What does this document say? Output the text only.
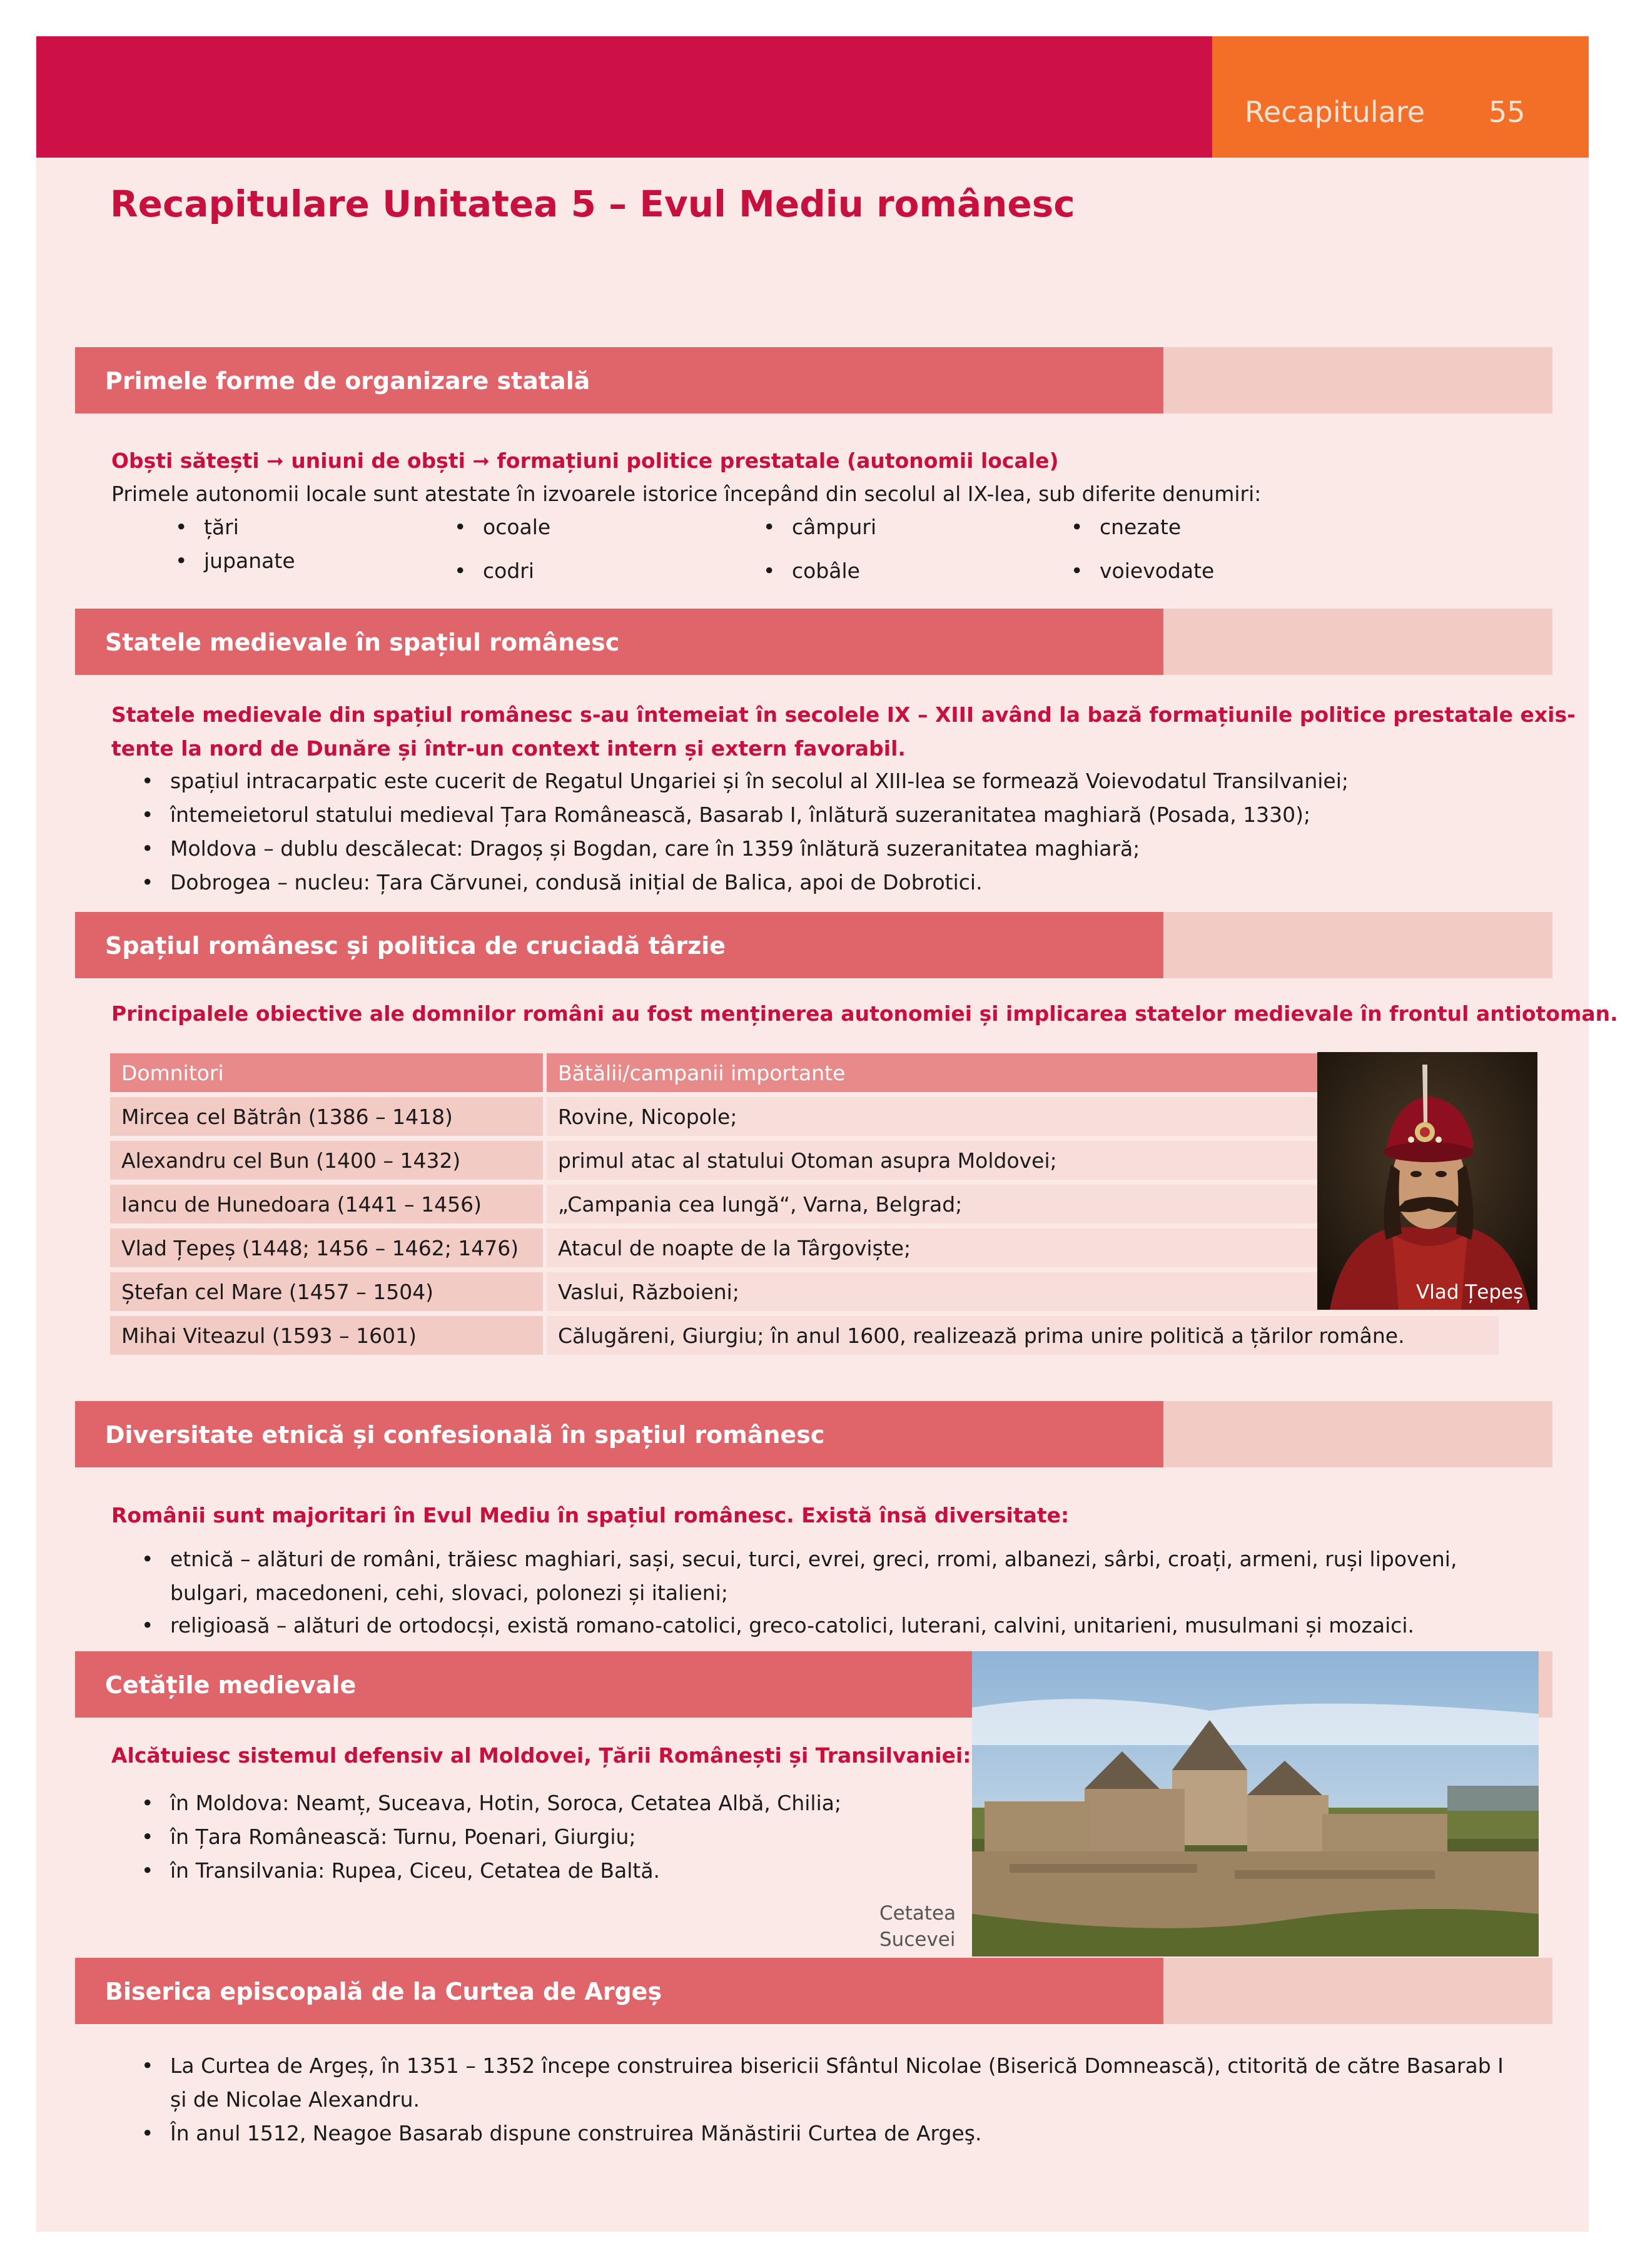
Recapitulare 55
Recapitulare Unitatea 5 – Evul Mediu românesc
Primele forme de organizare statală
Obști sătești ➞ uniuni de obști ➞ formațiuni politice prestatale (autonomii locale)
Primele autonomii locale sunt atestate în izvoarele istorice începând din secolul al IX-lea, sub diferite denumiri:
• țări	• ocoale	• câmpuri	• cnezate
• jupanate	• codri	• cobâle	• voievodate
Statele medievale în spațiul românesc
Statele medievale din spațiul românesc s-au întemeiat în secolele IX – XIII având la bază formațiunile politice prestatale exis-
tente la nord de Dunăre și într-un context intern și extern favorabil.
• spațiul intracarpatic este cucerit de Regatul Ungariei și în secolul al XIII-lea se formează Voievodatul Transilvaniei;
• întemeietorul statului medieval Țara Românească, Basarab I, înlătură suzeranitatea maghiară (Posada, 1330);
• Moldova – dublu descălecat: Dragoș și Bogdan, care în 1359 înlătură suzeranitatea maghiară;
• Dobrogea – nucleu: Țara Cărvunei, condusă inițial de Balica, apoi de Dobrotici.
Spațiul românesc și politica de cruciadă târzie
Principalele obiective ale domnilor români au fost menținerea autonomiei și implicarea statelor medievale în frontul antiotoman.
Domnitori	Bătălii/campanii importante
Mircea cel Bătrân (1386 – 1418)	Rovine, Nicopole;
Alexandru cel Bun (1400 – 1432)	primul atac al statului Otoman asupra Moldovei;
Iancu de Hunedoara (1441 – 1456)	„Campania cea lungă“, Varna, Belgrad;
Vlad Țepeș (1448; 1456 – 1462; 1476)	Atacul de noapte de la Târgoviște;
Ștefan cel Mare (1457 – 1504)	Vaslui, Războieni;
Mihai Viteazul (1593 – 1601)	Călugăreni, Giurgiu; în anul 1600, realizează prima unire politică a țărilor române.
Vlad Țepeș
Diversitate etnică și confesională în spațiul românesc
Românii sunt majoritari în Evul Mediu în spațiul românesc. Există însă diversitate:
• etnică – alături de români, trăiesc maghiari, sași, secui, turci, evrei, greci, rromi, albanezi, sârbi, croați, armeni, ruși lipoveni,
bulgari, macedoneni, cehi, slovaci, polonezi și italieni;
• religioasă – alături de ortodocși, există romano-catolici, greco-catolici, luterani, calvini, unitarieni, musulmani și mozaici.
Cetățile medievale
Alcătuiesc sistemul defensiv al Moldovei, Țării Românești și Transilvaniei:
• în Moldova: Neamț, Suceava, Hotin, Soroca, Cetatea Albă, Chilia;
• în Țara Românească: Turnu, Poenari, Giurgiu;
• în Transilvania: Rupea, Ciceu, Cetatea de Baltă.
Cetatea
Sucevei
Biserica episcopală de la Curtea de Argeș
• La Curtea de Argeș, în 1351 – 1352 începe construirea bisericii Sfântul Nicolae (Biserică Domnească), ctitorită de către Basarab I
și de Nicolae Alexandru.
• În anul 1512, Neagoe Basarab dispune construirea Mănăstirii Curtea de Argeş.
